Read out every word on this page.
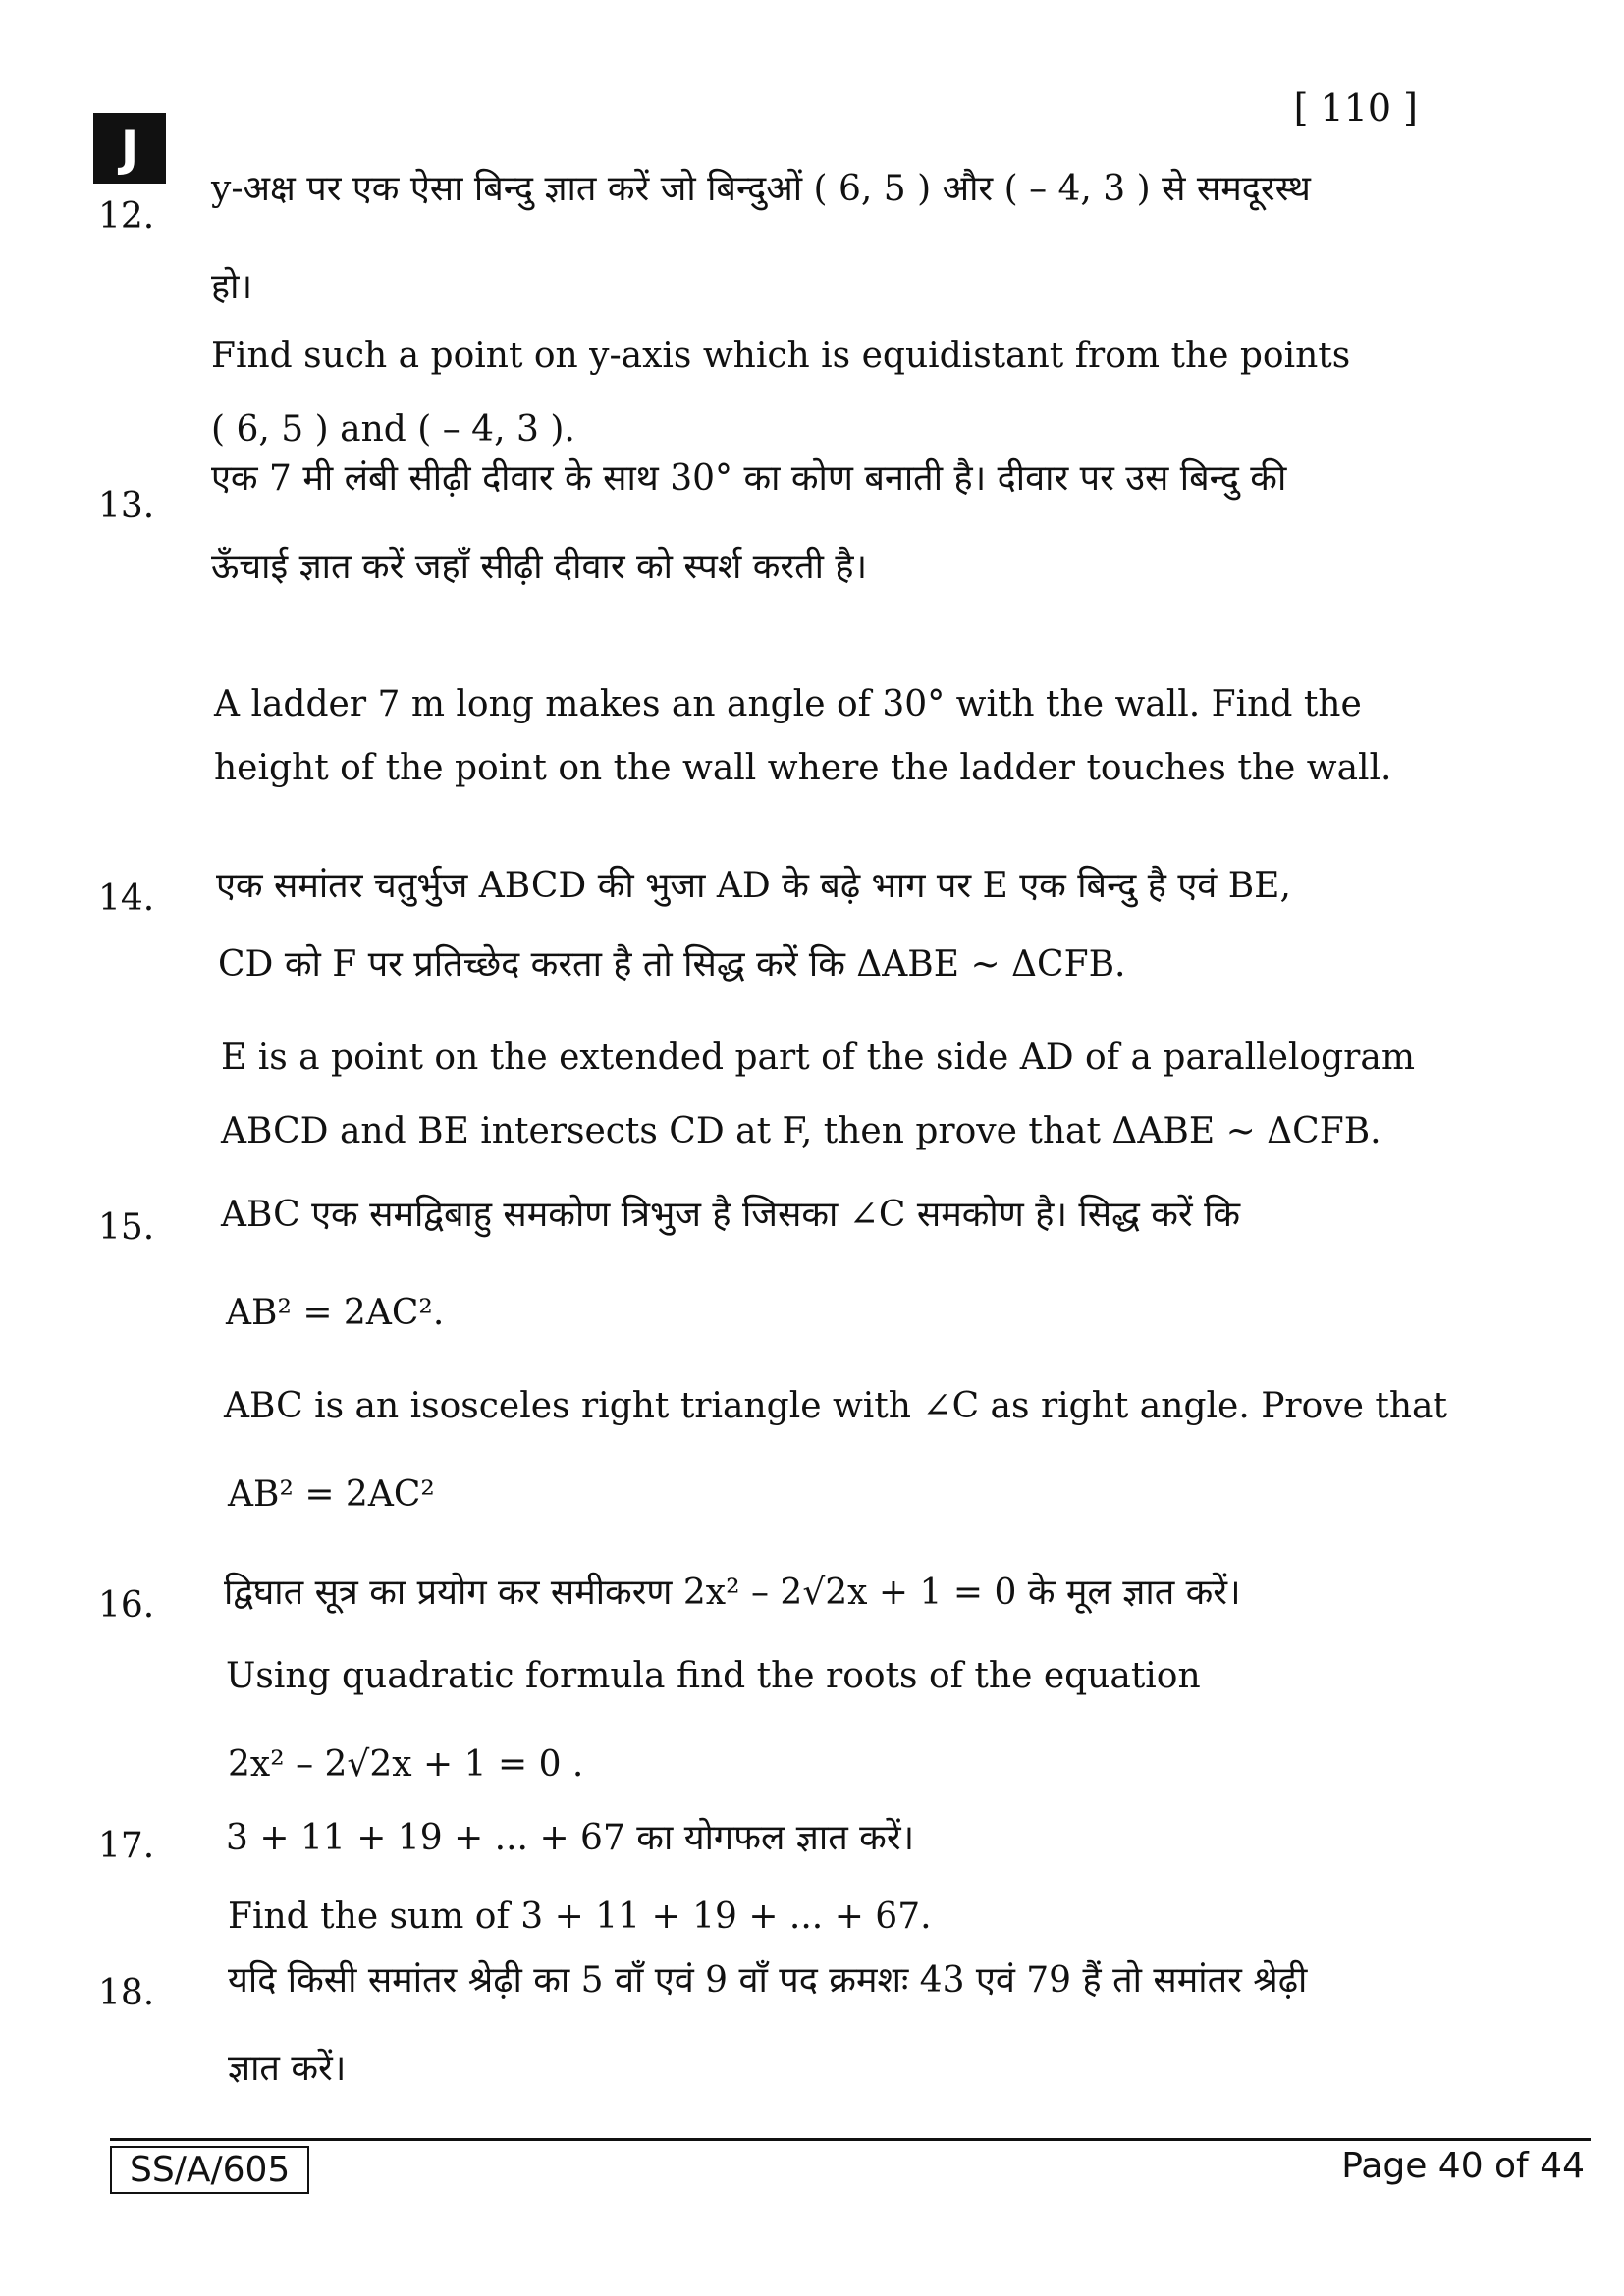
J
[ 110 ]
12.
y-अक्ष पर एक ऐसा बिन्दु ज्ञात करें जो बिन्दुओं ( 6, 5 ) और ( – 4, 3 ) से समदूरस्थ
हो।
Find such a point on y-axis which is equidistant from the points
( 6, 5 ) and ( – 4, 3 ).
13.
एक 7 मी लंबी सीढ़ी दीवार के साथ 30° का कोण बनाती है। दीवार पर उस बिन्दु की
ऊँचाई ज्ञात करें जहाँ सीढ़ी दीवार को स्पर्श करती है।
A ladder 7 m long makes an angle of 30° with the wall. Find the
height of the point on the wall where the ladder touches the wall.
14. एक समांतर चतुर्भुज ABCD की भुजा AD के बढ़े भाग पर E एक बिन्दु है एवं BE,
CD को F पर प्रतिच्छेद करता है तो सिद्ध करें कि ΔABE ~ ΔCFB.
E is a point on the extended part of the side AD of a parallelogram
ABCD and BE intersects CD at F, then prove that ΔABE ~ ΔCFB.
15. ABC एक समद्विबाहु समकोण त्रिभुज है जिसका ∠C समकोण है। सिद्ध करें कि
AB² = 2AC².
ABC is an isosceles right triangle with ∠C as right angle. Prove that
AB² = 2AC²
16. द्विघात सूत्र का प्रयोग कर समीकरण 2x² – 2√2x + 1 = 0 के मूल ज्ञात करें।
Using quadratic formula find the roots of the equation
2x² – 2√2x + 1 = 0 .
17. 3 + 11 + 19 + ... + 67 का योगफल ज्ञात करें।
Find the sum of 3 + 11 + 19 + ... + 67.
18. यदि किसी समांतर श्रेढ़ी का 5 वाँ एवं 9 वाँ पद क्रमशः 43 एवं 79 हैं तो समांतर श्रेढ़ी
ज्ञात करें।
SS/A/605	Page 40 of 44
